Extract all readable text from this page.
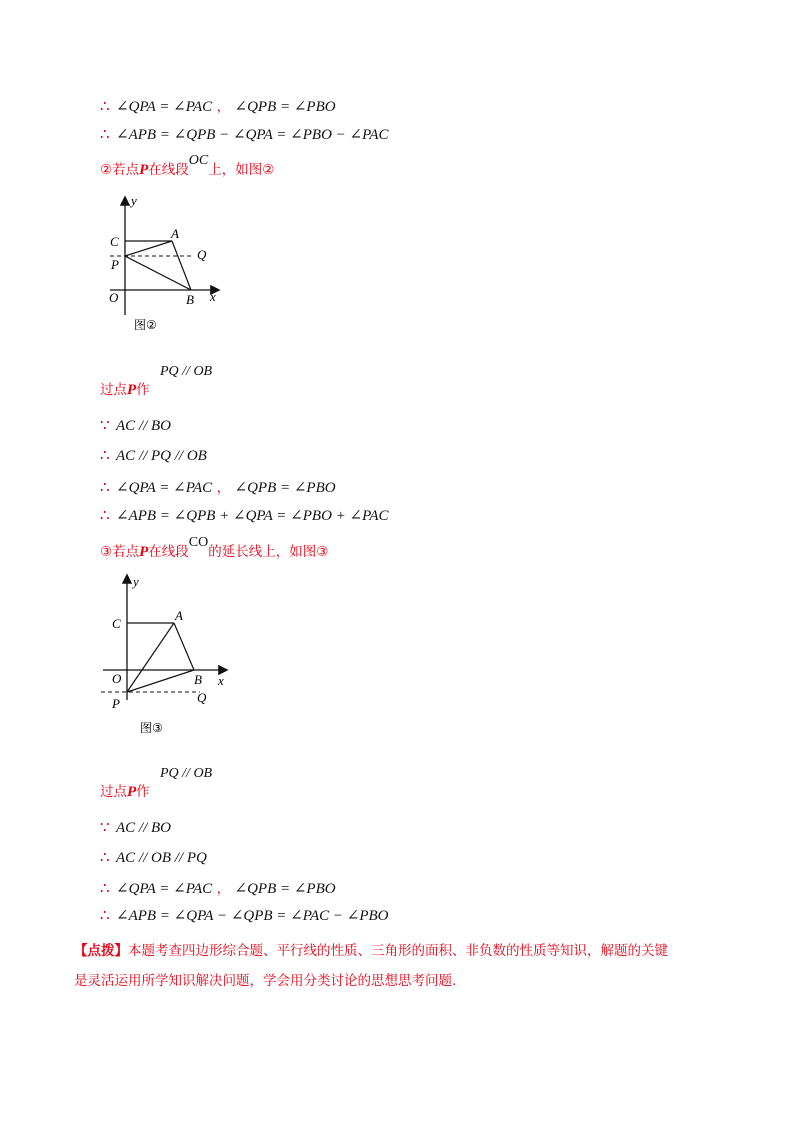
∴ ∠QPA = ∠PAC ， ∠QPB = ∠PBO
∴ ∠APB = ∠QPB − ∠QPA = ∠PBO − ∠PAC
②若点P在线段OC上，如图②
y
C
A
Q
P
O	B x
图②
过点P作
PQ // OB
∵ AC // BO
∴ AC // PQ // OB
∴ ∠QPA = ∠PAC ， ∠QPB = ∠PBO
∴ ∠APB = ∠QPB + ∠QPA = ∠PBO + ∠PAC
③若点P在线段CO的延长线上，如图③
y
C
A
O	B x
Q
P
图③
过点P作
PQ // OB
∵ AC // BO
∴ AC // OB // PQ
∴ ∠QPA = ∠PAC ， ∠QPB = ∠PBO
∴ ∠APB = ∠QPA − ∠QPB = ∠PAC − ∠PBO
【点拨】本题考查四边形综合题、平行线的性质、三角形的面积、非负数的性质等知识，解题的关键
是灵活运用所学知识解决问题，学会用分类讨论的思想思考问题.
